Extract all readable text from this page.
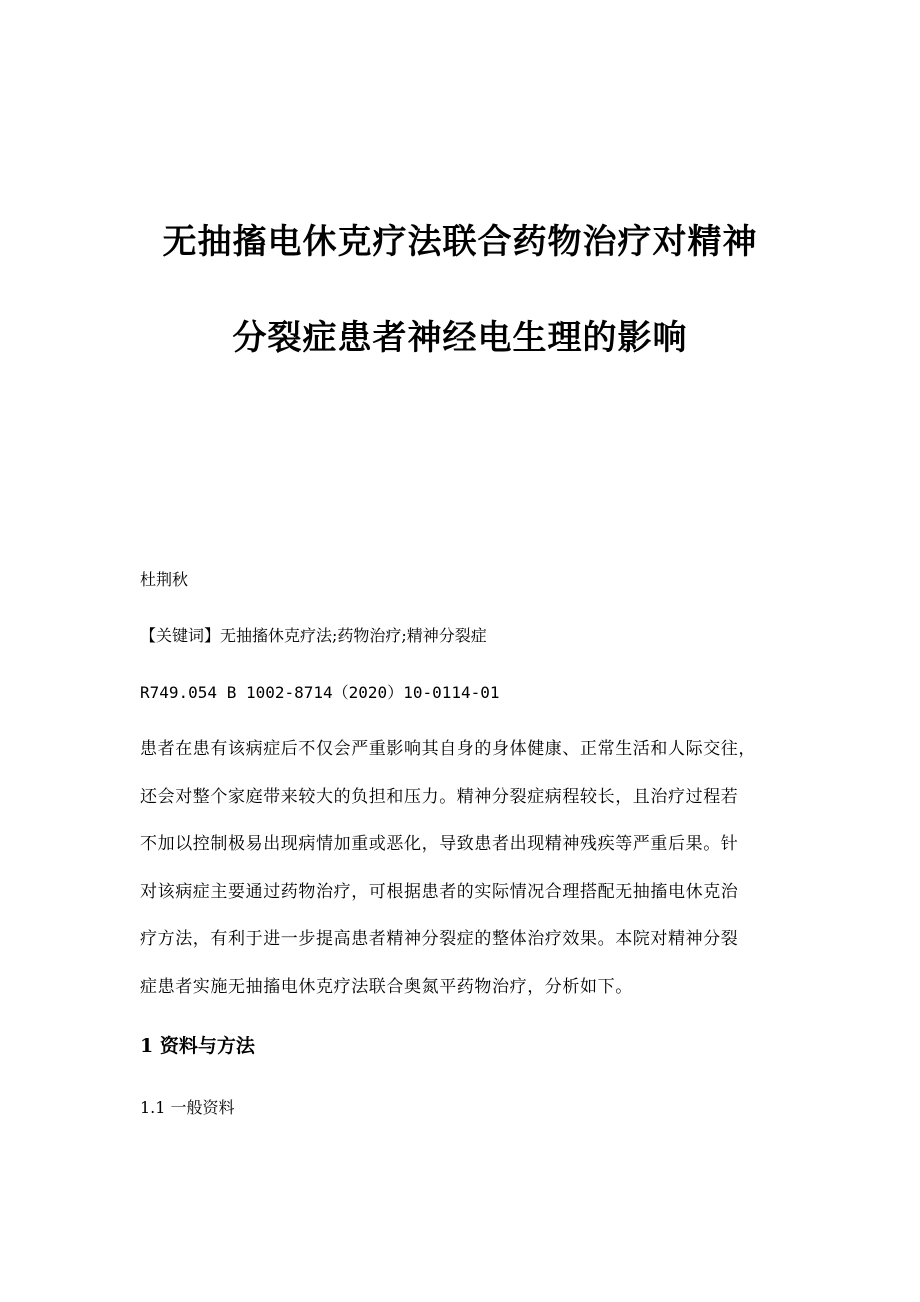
无抽搐电休克疗法联合药物治疗对精神
分裂症患者神经电生理的影响
杜荆秋
【关键词】无抽搐休克疗法;药物治疗;精神分裂症
R749.054 B 1002-8714（2020）10-0114-01
患者在患有该病症后不仅会严重影响其自身的身体健康、正常生活和人际交往，
还会对整个家庭带来较大的负担和压力。精神分裂症病程较长，且治疗过程若
不加以控制极易出现病情加重或恶化，导致患者出现精神残疾等严重后果。针
对该病症主要通过药物治疗，可根据患者的实际情况合理搭配无抽搐电休克治
疗方法，有利于进一步提高患者精神分裂症的整体治疗效果。本院对精神分裂
症患者实施无抽搐电休克疗法联合奥氮平药物治疗，分析如下。
1 资料与方法
1.1 一般资料
